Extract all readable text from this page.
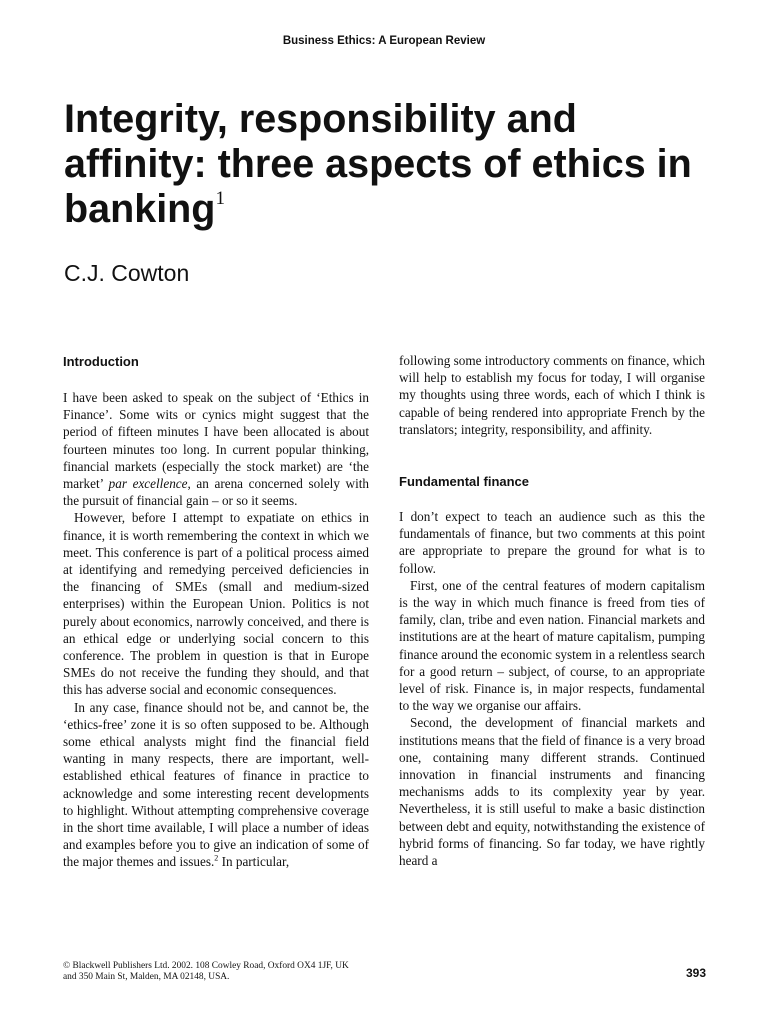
Business Ethics: A European Review
Integrity, responsibility and affinity: three aspects of ethics in banking$^1$
C.J. Cowton
Introduction

I have been asked to speak on the subject of ‘Ethics in Finance’. Some wits or cynics might suggest that the period of fifteen minutes I have been allocated is about fourteen minutes too long. In current popular thinking, financial markets (especially the stock market) are ‘the market’ par excellence, an arena concerned solely with the pursuit of financial gain – or so it seems.

However, before I attempt to expatiate on ethics in finance, it is worth remembering the context in which we meet. This conference is part of a political process aimed at identifying and remedying perceived deficiencies in the financing of SMEs (small and medium-sized enterprises) within the European Union. Politics is not purely about economics, narrowly conceived, and there is an ethical edge or underlying social concern to this conference. The problem in question is that in Europe SMEs do not receive the funding they should, and that this has adverse social and economic consequences.

In any case, finance should not be, and cannot be, the ‘ethics-free’ zone it is so often supposed to be. Although some ethical analysts might find the financial field wanting in many respects, there are important, well-established ethical features of finance in practice to acknowledge and some interesting recent developments to highlight. Without attempting comprehensive coverage in the short time available, I will place a number of ideas and examples before you to give an indication of some of the major themes and issues.$^2$ In particular,

following some introductory comments on finance, which will help to establish my focus for today, I will organise my thoughts using three words, each of which I think is capable of being rendered into appropriate French by the translators; integrity, responsibility, and affinity.

Fundamental finance

I don’t expect to teach an audience such as this the fundamentals of finance, but two comments at this point are appropriate to prepare the ground for what is to follow.

First, one of the central features of modern capitalism is the way in which much finance is freed from ties of family, clan, tribe and even nation. Financial markets and institutions are at the heart of mature capitalism, pumping finance around the economic system in a relentless search for a good return – subject, of course, to an appropriate level of risk. Finance is, in major respects, fundamental to the way we organise our affairs.

Second, the development of financial markets and institutions means that the field of finance is a very broad one, containing many different strands. Continued innovation in financial instruments and financing mechanisms adds to its complexity year by year. Nevertheless, it is still useful to make a basic distinction between debt and equity, notwithstanding the existence of hybrid forms of financing. So far today, we have rightly heard a

© Blackwell Publishers Ltd. 2002. 108 Cowley Road, Oxford OX4 1JF, UK
and 350 Main St, Malden, MA 02148, USA.	393
